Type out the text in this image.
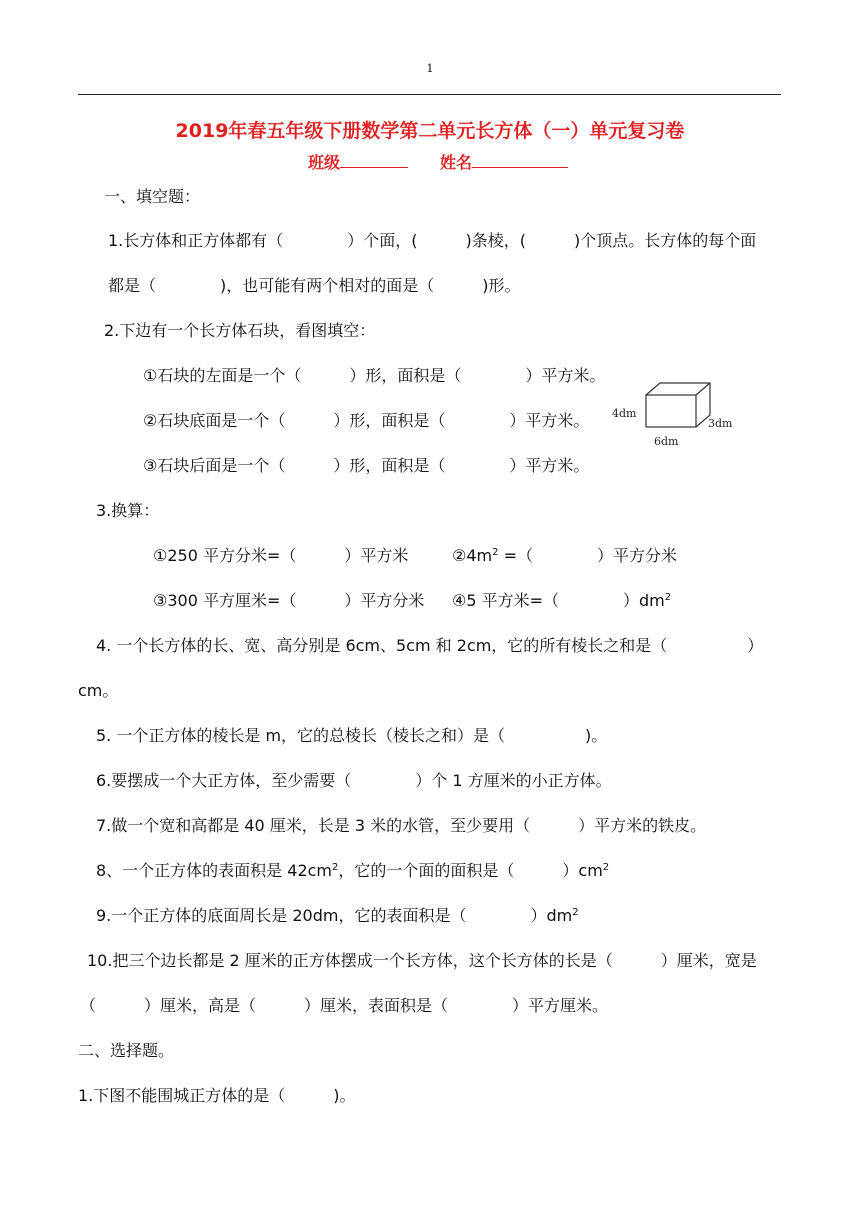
1
2019年春五年级下册数学第二单元长方体（一）单元复习卷
班级	姓名
一、填空题：
1.长方体和正方体都有（　　　　）个面，(　　　)条棱，(　　　)个顶点。长方体的每个面
都是（　　　　)，也可能有两个相对的面是（　　　)形。
2.下边有一个长方体石块，看图填空：
①石块的左面是一个（　　　）形，面积是（　　　　）平方米。
②石块底面是一个（　　　）形，面积是（　　　　）平方米。
③石块后面是一个（　　　）形，面积是（　　　　）平方米。
4dm
6dm
3dm
3.换算：
①250 平方分米=（　　　）平方米	$②4m^2$ =（　　　　）平方分米
③300 平方厘米=（　　　）平方分米 ④5 平方米=（　　　　）$dm^2$
4. 一个长方体的长、宽、高分别是 6cm、5cm 和 2cm，它的所有棱长之和是（　　　　　）
cm。
5. 一个正方体的棱长是 m，它的总棱长（棱长之和）是（　　　　　)。
6.要摆成一个大正方体，至少需要（　　　　）个 1 方厘米的小正方体。
7.做一个宽和高都是 40 厘米，长是 3 米的水管，至少要用（　　　）平方米的铁皮。
8、一个正方体的表面积是 $42cm^2$，它的一个面的面积是（　　　）$cm^2$
9.一个正方体的底面周长是 20dm，它的表面积是（　　　　）$dm^2$
10.把三个边长都是 2 厘米的正方体摆成一个长方体，这个长方体的长是（　　　）厘米，宽是
（　　　）厘米，高是（　　　）厘米，表面积是（　　　　）平方厘米。
二、选择题。
1.下图不能围城正方体的是（　　　)。
